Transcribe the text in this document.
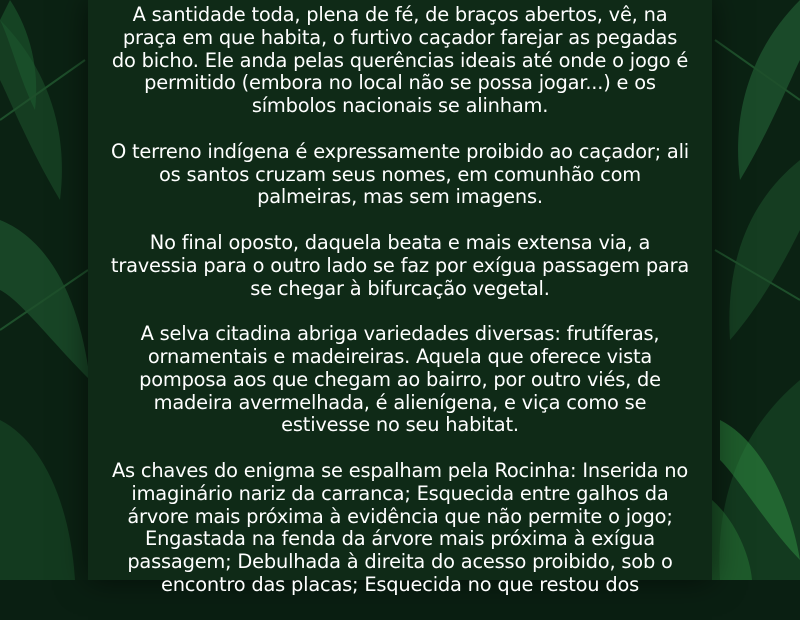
A santidade toda, plena de fé, de braços abertos, vê, na praça em que habita, o furtivo caçador farejar as pegadas do bicho. Ele anda pelas querências ideais até onde o jogo é permitido (embora no local não se possa jogar...) e os símbolos nacionais se alinham.

O terreno indígena é expressamente proibido ao caçador; ali os santos cruzam seus nomes, em comunhão com palmeiras, mas sem imagens.

No final oposto, daquela beata e mais extensa via, a travessia para o outro lado se faz por exígua passagem para se chegar à bifurcação vegetal.

A selva citadina abriga variedades diversas: frutíferas, ornamentais e madeireiras. Aquela que oferece vista pomposa aos que chegam ao bairro, por outro viés, de madeira avermelhada, é alienígena, e viça como se estivesse no seu habitat.

As chaves do enigma se espalham pela Rocinha: Inserida no imaginário nariz da carranca; Esquecida entre galhos da árvore mais próxima à evidência que não permite o jogo; Engastada na fenda da árvore mais próxima à exígua passagem; Debulhada à direita do acesso proibido, sob o encontro das placas; Esquecida no que restou dos
